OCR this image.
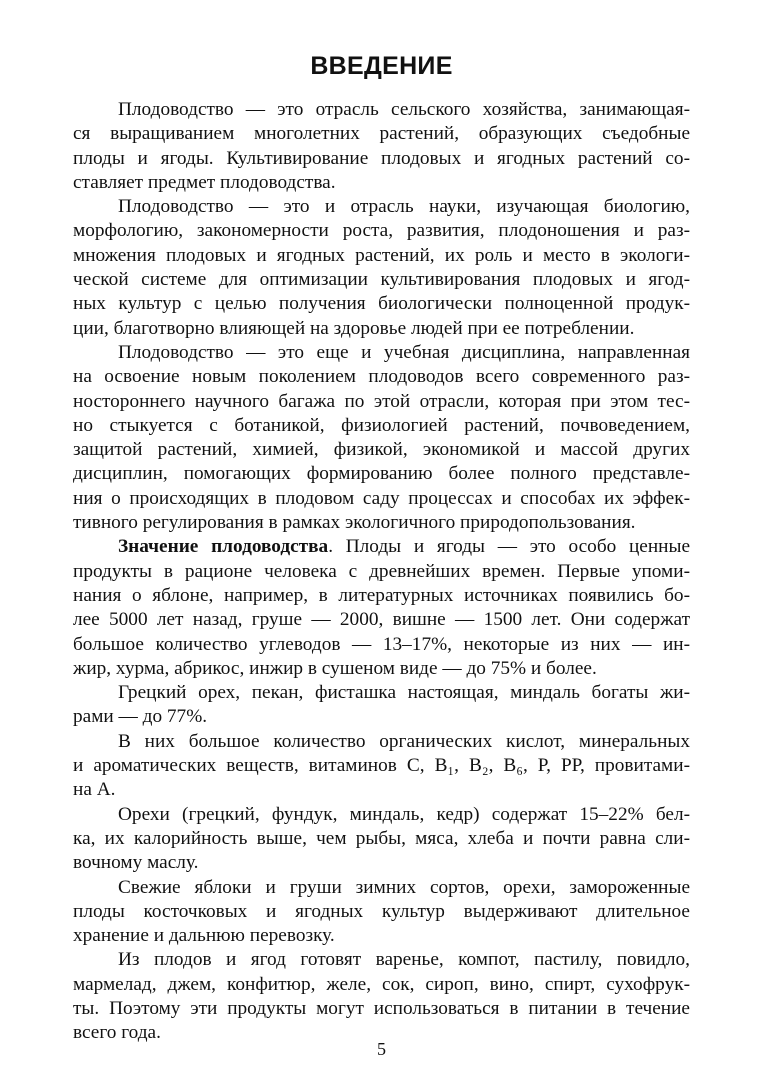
ВВЕДЕНИЕ
Плодоводство — это отрасль сельского хозяйства, занимающая-
ся выращиванием многолетних растений, образующих съедобные
плоды и ягоды. Культивирование плодовых и ягодных растений со-
ставляет предмет плодоводства.
Плодоводство — это и отрасль науки, изучающая биологию,
морфологию, закономерности роста, развития, плодоношения и раз-
множения плодовых и ягодных растений, их роль и место в экологи-
ческой системе для оптимизации культивирования плодовых и ягод-
ных культур с целью получения биологически полноценной продук-
ции, благотворно влияющей на здоровье людей при ее потреблении.
Плодоводство — это еще и учебная дисциплина, направленная
на освоение новым поколением плодоводов всего современного раз-
ностороннего научного багажа по этой отрасли, которая при этом тес-
но стыкуется с ботаникой, физиологией растений, почвоведением,
защитой растений, химией, физикой, экономикой и массой других
дисциплин, помогающих формированию более полного представле-
ния о происходящих в плодовом саду процессах и способах их эффек-
тивного регулирования в рамках экологичного природопользования.
Значение плодоводства. Плоды и ягоды — это особо ценные
продукты в рационе человека с древнейших времен. Первые упоми-
нания о яблоне, например, в литературных источниках появились бо-
лее 5000 лет назад, груше — 2000, вишне — 1500 лет. Они содержат
большое количество углеводов — 13–17%, некоторые из них — ин-
жир, хурма, абрикос, инжир в сушеном виде — до 75% и более.
Грецкий орех, пекан, фисташка настоящая, миндаль богаты жи-
рами — до 77%.
В них большое количество органических кислот, минеральных
и ароматических веществ, витаминов С, В₁, В₂, В₆, Р, РР, провитами-
на А.
Орехи (грецкий, фундук, миндаль, кедр) содержат 15–22% бел-
ка, их калорийность выше, чем рыбы, мяса, хлеба и почти равна сли-
вочному маслу.
Свежие яблоки и груши зимних сортов, орехи, замороженные
плоды косточковых и ягодных культур выдерживают длительное
хранение и дальнюю перевозку.
Из плодов и ягод готовят варенье, компот, пастилу, повидло,
мармелад, джем, конфитюр, желе, сок, сироп, вино, спирт, сухофрук-
ты. Поэтому эти продукты могут использоваться в питании в течение
всего года.
5
